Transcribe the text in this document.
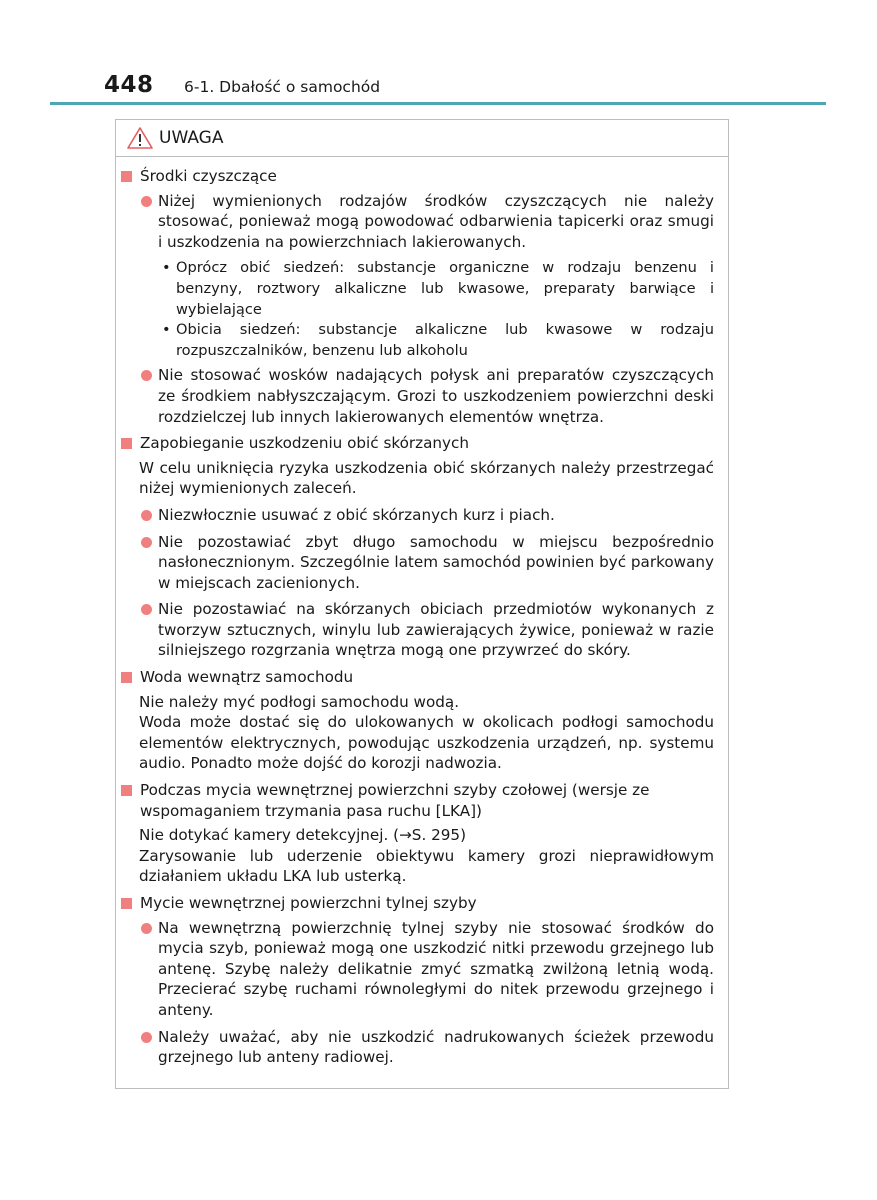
448 6-1. Dbałość o samochód
UWAGA
Środki czyszczące
Niżej wymienionych rodzajów środków czyszczących nie należy stosować, ponieważ mogą powodować odbarwienia tapicerki oraz smugi i uszkodzenia na powierzchniach lakierowanych.
• Oprócz obić siedzeń: substancje organiczne w rodzaju benzenu i benzyny, roztwory alkaliczne lub kwasowe, preparaty barwiące i wybielające
• Obicia siedzeń: substancje alkaliczne lub kwasowe w rodzaju rozpuszczalników, benzenu lub alkoholu
Nie stosować wosków nadających połysk ani preparatów czyszczących ze środkiem nabłyszczającym. Grozi to uszkodzeniem powierzchni deski rozdzielczej lub innych lakierowanych elementów wnętrza.
Zapobieganie uszkodzeniu obić skórzanych
W celu uniknięcia ryzyka uszkodzenia obić skórzanych należy przestrzegać niżej wymienionych zaleceń.
Niezwłocznie usuwać z obić skórzanych kurz i piach.
Nie pozostawiać zbyt długo samochodu w miejscu bezpośrednio nasłonecznionym. Szczególnie latem samochód powinien być parkowany w miejscach zacienionych.
Nie pozostawiać na skórzanych obiciach przedmiotów wykonanych z tworzyw sztucznych, winylu lub zawierających żywice, ponieważ w razie silniejszego rozgrzania wnętrza mogą one przywrzeć do skóry.
Woda wewnątrz samochodu
Nie należy myć podłogi samochodu wodą.
Woda może dostać się do ulokowanych w okolicach podłogi samochodu elementów elektrycznych, powodując uszkodzenia urządzeń, np. systemu audio. Ponadto może dojść do korozji nadwozia.
Podczas mycia wewnętrznej powierzchni szyby czołowej (wersje ze wspomaganiem trzymania pasa ruchu [LKA])
Nie dotykać kamery detekcyjnej. (→S. 295)
Zarysowanie lub uderzenie obiektywu kamery grozi nieprawidłowym działaniem układu LKA lub usterką.
Mycie wewnętrznej powierzchni tylnej szyby
Na wewnętrzną powierzchnię tylnej szyby nie stosować środków do mycia szyb, ponieważ mogą one uszkodzić nitki przewodu grzejnego lub antenę. Szybę należy delikatnie zmyć szmatką zwilżoną letnią wodą. Przecierać szybę ruchami równoległymi do nitek przewodu grzejnego i anteny.
Należy uważać, aby nie uszkodzić nadrukowanych ścieżek przewodu grzejnego lub anteny radiowej.
